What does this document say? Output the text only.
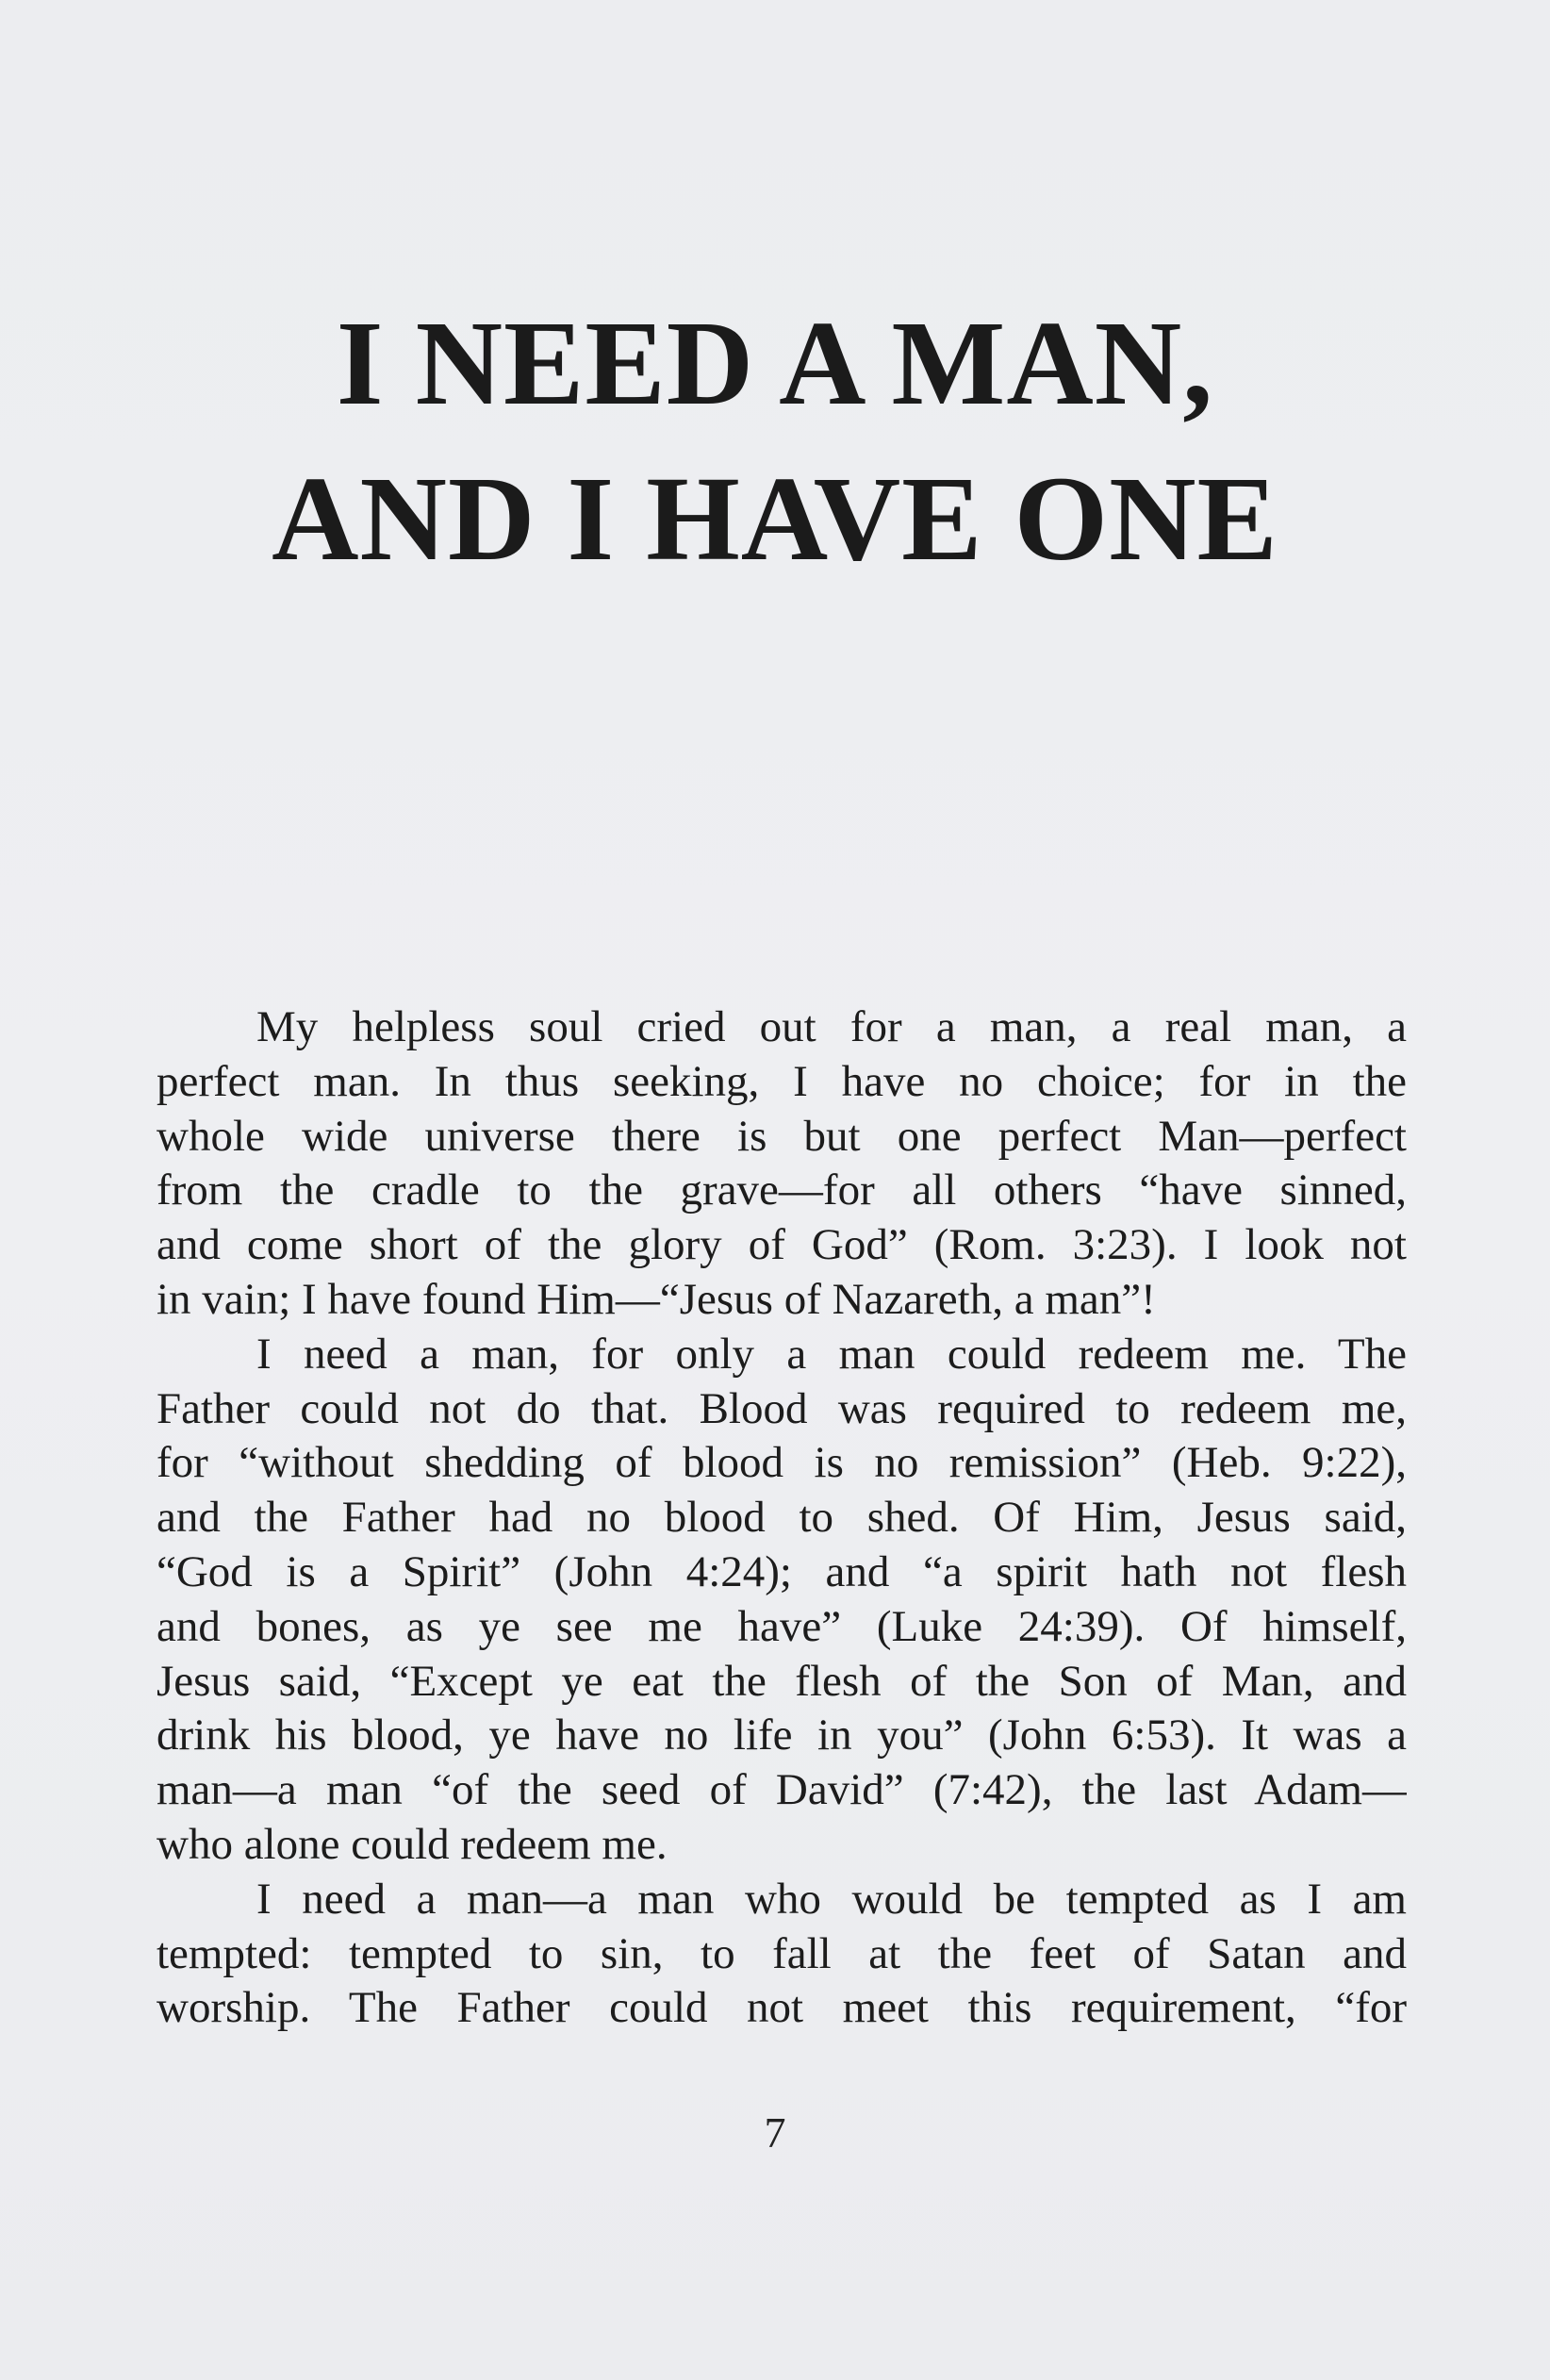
I NEED A MAN,
AND I HAVE ONE
My helpless soul cried out for a man, a real man, a
perfect man. In thus seeking, I have no choice; for in the
whole wide universe there is but one perfect Man—perfect
from the cradle to the grave—for all others “have sinned,
and come short of the glory of God” (Rom. 3:23). I look not
in vain; I have found Him—“Jesus of Nazareth, a man”!
I need a man, for only a man could redeem me. The
Father could not do that. Blood was required to redeem me,
for “without shedding of blood is no remission” (Heb. 9:22),
and the Father had no blood to shed. Of Him, Jesus said,
“God is a Spirit” (John 4:24); and “a spirit hath not flesh
and bones, as ye see me have” (Luke 24:39). Of himself,
Jesus said, “Except ye eat the flesh of the Son of Man, and
drink his blood, ye have no life in you” (John 6:53). It was a
man—a man “of the seed of David” (7:42), the last Adam—
who alone could redeem me.
I need a man—a man who would be tempted as I am
tempted: tempted to sin, to fall at the feet of Satan and
worship. The Father could not meet this requirement, “for
7
